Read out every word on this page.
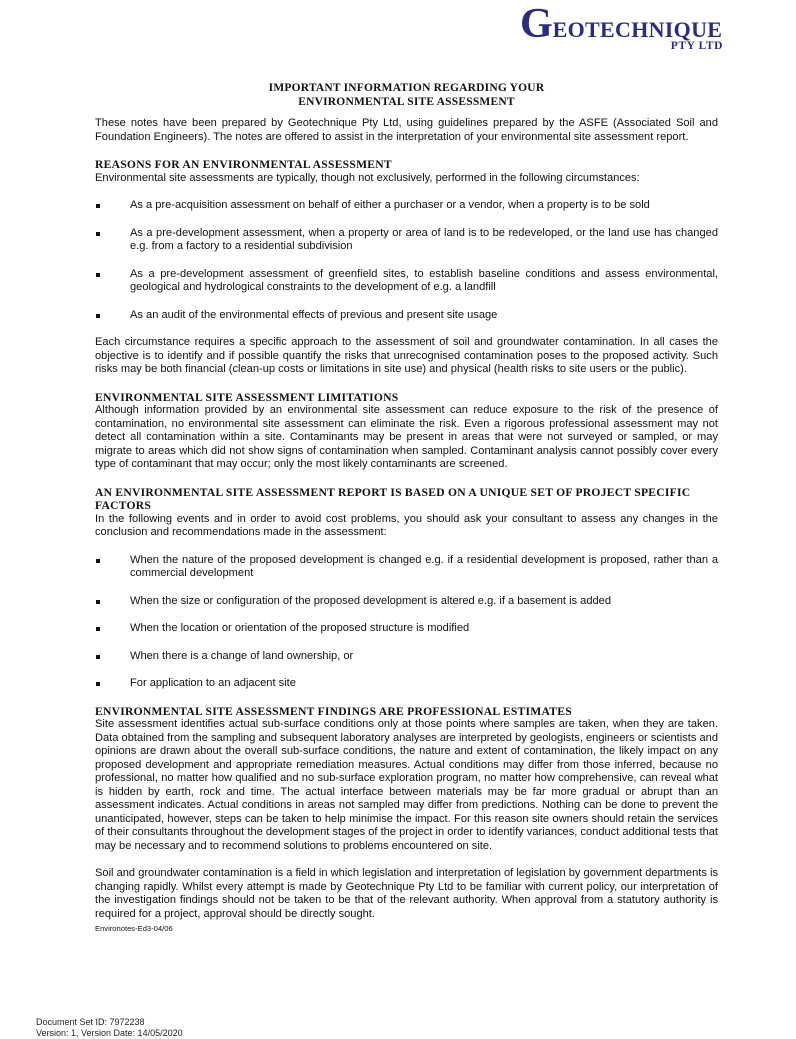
GEOTECHNIQUE
PTY LTD
IMPORTANT INFORMATION REGARDING YOUR
ENVIRONMENTAL SITE ASSESSMENT

These notes have been prepared by Geotechnique Pty Ltd, using guidelines prepared by the ASFE (Associated Soil and Foundation Engineers). The notes are offered to assist in the interpretation of your environmental site assessment report.

REASONS FOR AN ENVIRONMENTAL ASSESSMENT

Environmental site assessments are typically, though not exclusively, performed in the following circumstances:

As a pre-acquisition assessment on behalf of either a purchaser or a vendor, when a property is to be sold
As a pre-development assessment, when a property or area of land is to be redeveloped, or the land use has changed e.g. from a factory to a residential subdivision
As a pre-development assessment of greenfield sites, to establish baseline conditions and assess environmental, geological and hydrological constraints to the development of e.g. a landfill
As an audit of the environmental effects of previous and present site usage

Each circumstance requires a specific approach to the assessment of soil and groundwater contamination. In all cases the objective is to identify and if possible quantify the risks that unrecognised contamination poses to the proposed activity. Such risks may be both financial (clean-up costs or limitations in site use) and physical (health risks to site users or the public).

ENVIRONMENTAL SITE ASSESSMENT LIMITATIONS

Although information provided by an environmental site assessment can reduce exposure to the risk of the presence of contamination, no environmental site assessment can eliminate the risk. Even a rigorous professional assessment may not detect all contamination within a site. Contaminants may be present in areas that were not surveyed or sampled, or may migrate to areas which did not show signs of contamination when sampled. Contaminant analysis cannot possibly cover every type of contaminant that may occur; only the most likely contaminants are screened.

AN ENVIRONMENTAL SITE ASSESSMENT REPORT IS BASED ON A UNIQUE SET OF PROJECT SPECIFIC FACTORS

In the following events and in order to avoid cost problems, you should ask your consultant to assess any changes in the conclusion and recommendations made in the assessment:

When the nature of the proposed development is changed e.g. if a residential development is proposed, rather than a commercial development
When the size or configuration of the proposed development is altered e.g. if a basement is added
When the location or orientation of the proposed structure is modified
When there is a change of land ownership, or
For application to an adjacent site
ENVIRONMENTAL SITE ASSESSMENT FINDINGS ARE PROFESSIONAL ESTIMATES

Site assessment identifies actual sub-surface conditions only at those points where samples are taken, when they are taken. Data obtained from the sampling and subsequent laboratory analyses are interpreted by geologists, engineers or scientists and opinions are drawn about the overall sub-surface conditions, the nature and extent of contamination, the likely impact on any proposed development and appropriate remediation measures. Actual conditions may differ from those inferred, because no professional, no matter how qualified and no sub-surface exploration program, no matter how comprehensive, can reveal what is hidden by earth, rock and time. The actual interface between materials may be far more gradual or abrupt than an assessment indicates. Actual conditions in areas not sampled may differ from predictions. Nothing can be done to prevent the unanticipated, however, steps can be taken to help minimise the impact. For this reason site owners should retain the services of their consultants throughout the development stages of the project in order to identify variances, conduct additional tests that may be necessary and to recommend solutions to problems encountered on site.

Soil and groundwater contamination is a field in which legislation and interpretation of legislation by government departments is changing rapidly. Whilst every attempt is made by Geotechnique Pty Ltd to be familiar with current policy, our interpretation of the investigation findings should not be taken to be that of the relevant authority. When approval from a statutory authority is required for a project, approval should be directly sought.

Environotes-Ed3-04/06
Document Set ID: 7972238
Version: 1, Version Date: 14/05/2020
